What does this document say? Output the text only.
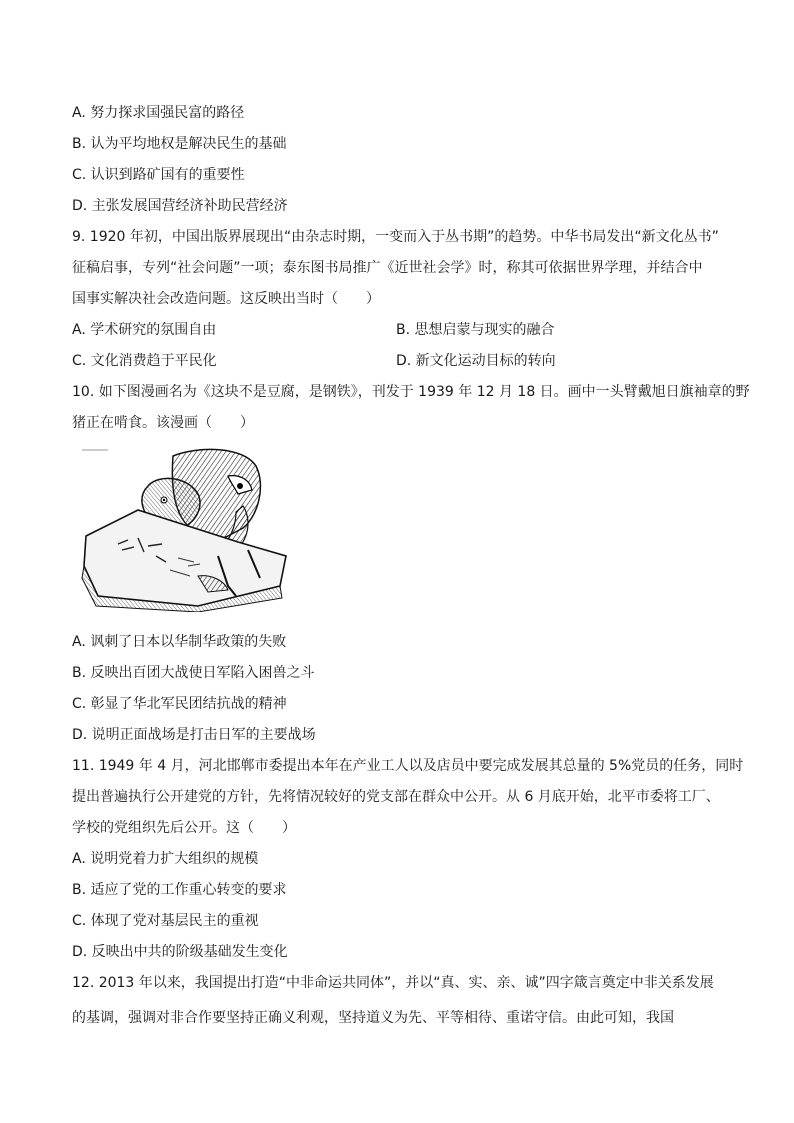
A. 努力探求国强民富的路径
B. 认为平均地权是解决民生的基础
C. 认识到路矿国有的重要性
D. 主张发展国营经济补助民营经济
9. 1920 年初，中国出版界展现出“由杂志时期，一变而入于丛书期”的趋势。中华书局发出“新文化丛书”
征稿启事，专列“社会问题”一项；泰东图书局推广《近世社会学》时，称其可依据世界学理，并结合中
国事实解决社会改造问题。这反映出当时（　　）
A. 学术研究的氛围自由	B. 思想启蒙与现实的融合
C. 文化消费趋于平民化	D. 新文化运动目标的转向
10. 如下图漫画名为《这块不是豆腐，是钢铁》，刊发于 1939 年 12 月 18 日。画中一头臂戴旭日旗袖章的野
猪正在啃食。该漫画（　　）
A. 讽刺了日本以华制华政策的失败
B. 反映出百团大战使日军陷入困兽之斗
C. 彰显了华北军民团结抗战的精神
D. 说明正面战场是打击日军的主要战场
11. 1949 年 4 月，河北邯郸市委提出本年在产业工人以及店员中要完成发展其总量的 5%党员的任务，同时
提出普遍执行公开建党的方针，先将情况较好的党支部在群众中公开。从 6 月底开始，北平市委将工厂、
学校的党组织先后公开。这（　　）
A. 说明党着力扩大组织的规模
B. 适应了党的工作重心转变的要求
C. 体现了党对基层民主的重视
D. 反映出中共的阶级基础发生变化
12. 2013 年以来，我国提出打造“中非命运共同体”，并以“真、实、亲、诚”四字箴言奠定中非关系发展
的基调，强调对非合作要坚持正确义利观，坚持道义为先、平等相待、重诺守信。由此可知，我国
